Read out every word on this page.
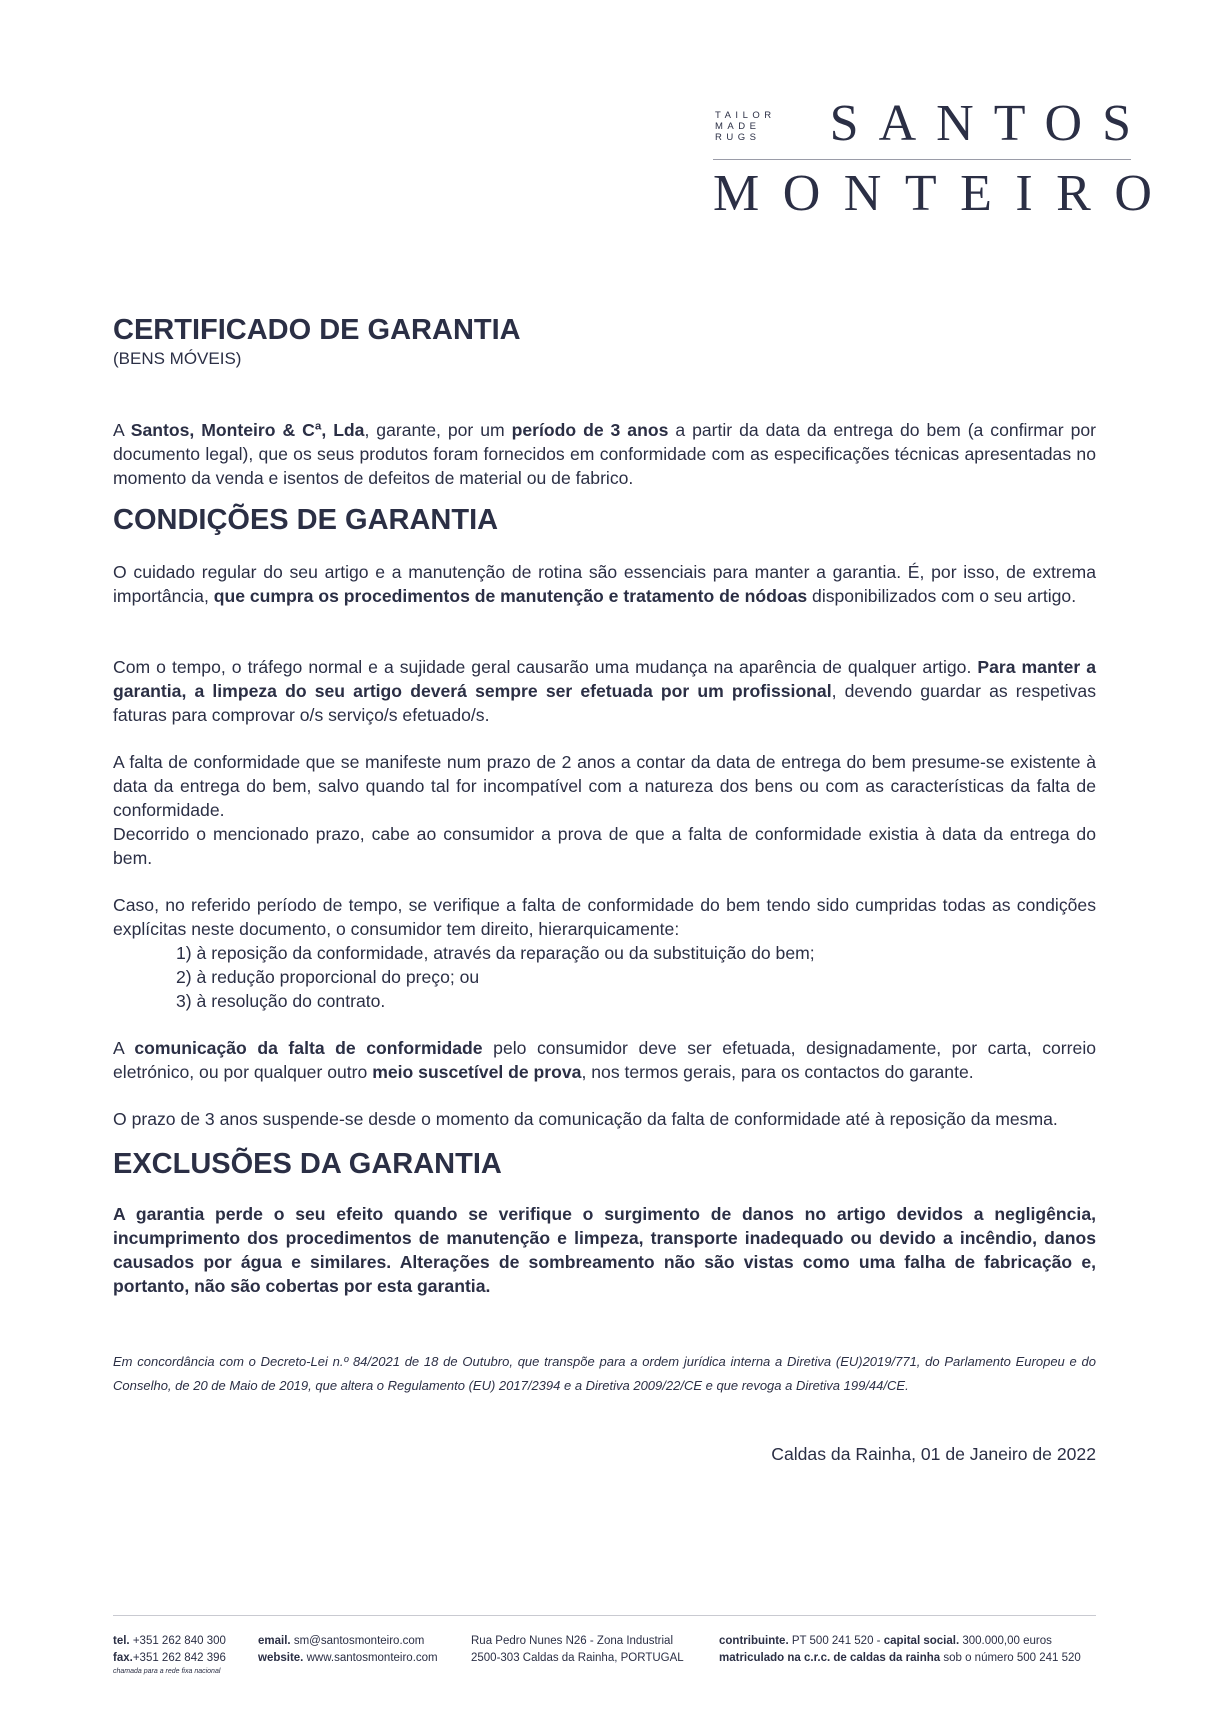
TAILOR
MADE
RUGS SANTOS
MONTEIRO
CERTIFICADO DE GARANTIA
(BENS MÓVEIS)

A Santos, Monteiro & Cª, Lda, garante, por um período de 3 anos a partir da data da entrega do bem (a confirmar por documento legal), que os seus produtos foram fornecidos em conformidade com as especificações técnicas apresentadas no momento da venda e isentos de defeitos de material ou de fabrico.

CONDIÇÕES DE GARANTIA

O cuidado regular do seu artigo e a manutenção de rotina são essenciais para manter a garantia. É, por isso, de extrema importância, que cumpra os procedimentos de manutenção e tratamento de nódoas disponibilizados com o seu artigo.

Com o tempo, o tráfego normal e a sujidade geral causarão uma mudança na aparência de qualquer artigo. Para manter a garantia, a limpeza do seu artigo deverá sempre ser efetuada por um profissional, devendo guardar as respetivas faturas para comprovar o/s serviço/s efetuado/s.

A falta de conformidade que se manifeste num prazo de 2 anos a contar da data de entrega do bem presume-se existente à data da entrega do bem, salvo quando tal for incompatível com a natureza dos bens ou com as características da falta de conformidade.

Decorrido o mencionado prazo, cabe ao consumidor a prova de que a falta de conformidade existia à data da entrega do bem.

Caso, no referido período de tempo, se verifique a falta de conformidade do bem tendo sido cumpridas todas as condições explícitas neste documento, o consumidor tem direito, hierarquicamente:

1) à reposição da conformidade, através da reparação ou da substituição do bem;
2) à redução proporcional do preço; ou
3) à resolução do contrato.

A comunicação da falta de conformidade pelo consumidor deve ser efetuada, designadamente, por carta, correio eletrónico, ou por qualquer outro meio suscetível de prova, nos termos gerais, para os contactos do garante.

O prazo de 3 anos suspende-se desde o momento da comunicação da falta de conformidade até à reposição da mesma.

EXCLUSÕES DA GARANTIA

A garantia perde o seu efeito quando se verifique o surgimento de danos no artigo devidos a negligência, incumprimento dos procedimentos de manutenção e limpeza, transporte inadequado ou devido a incêndio, danos causados por água e similares. Alterações de sombreamento não são vistas como uma falha de fabricação e, portanto, não são cobertas por esta garantia.

Em concordância com o Decreto-Lei n.º 84/2021 de 18 de Outubro, que transpõe para a ordem jurídica interna a Diretiva (EU)2019/771, do Parlamento Europeu e do Conselho, de 20 de Maio de 2019, que altera o Regulamento (EU) 2017/2394 e a Diretiva 2009/22/CE e que revoga a Diretiva 199/44/CE.
Caldas da Rainha, 01 de Janeiro de 2022
tel. +351 262 840 300
fax.+351 262 842 396
chamada para a rede fixa nacional
email. sm@santosmonteiro.com
website. www.santosmonteiro.com
Rua Pedro Nunes N26 - Zona Industrial
2500-303 Caldas da Rainha, PORTUGAL
contribuinte. PT 500 241 520 - capital social. 300.000,00 euros
matriculado na c.r.c. de caldas da rainha sob o número 500 241 520
